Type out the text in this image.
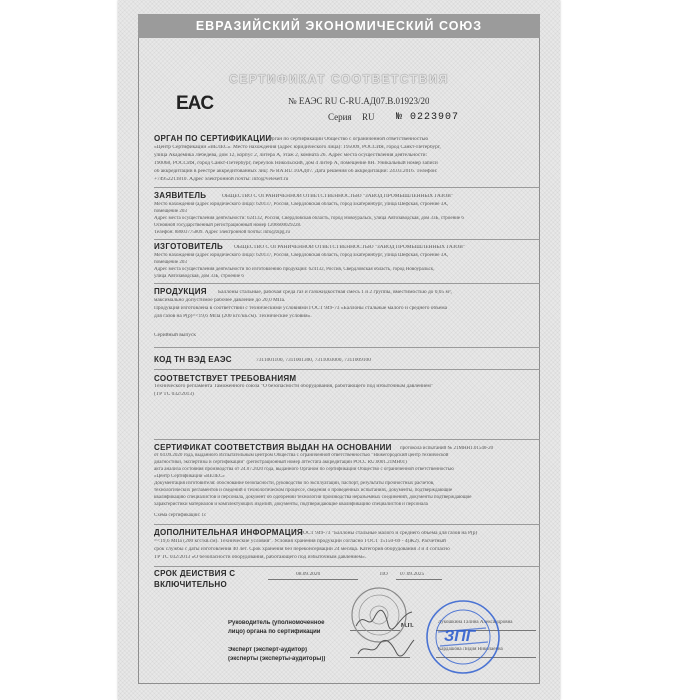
ЕВРАЗИЙСКИЙ ЭКОНОМИЧЕСКИЙ СОЮЗ
СЕРТИФИКАТ СООТВЕТСТВИЯ
EAC	№ ЕАЭС RU C-RU.АД07.В.01923/20
Серия RU № 0223907
ОРГАН ПО СЕРТИФИКАЦИИ
Орган по сертификации Общество с ограниченной ответственностью
«Центр Сертификации «ВЕЛЕС». Место нахождения (адрес юридического лица): 195009, РОССИЯ, город Санкт-Петербург,
улица Академика Лебедева, дом 12, корпус 2, литера А, этаж 2, комната 26. Адрес места осуществления деятельности:
190068, РОССИЯ, город Санкт-Петербург, переулок Никольский, дом 4 литер А, помещение 8Н. Уникальный номер записи
об аккредитации в реестре аккредитованных лиц: № RA.RU.10АД07. Дата решения об аккредитации: 24.03.2016. Телефон:
+74952211810. Адрес электронной почты: info@velesert.ru
ЗАЯВИТЕЛЬ	ОБЩЕСТВО С ОГРАНИЧЕННОЙ ОТВЕТСТВЕННОСТЬЮ "ЗАВОД ПРОМЫШЛЕННЫХ ГАЗОВ"
Место нахождения (адрес юридического лица): 620137, Россия, Свердловская область, город Екатеринбург, улица Шефская, строение 3А,
помещение 203
Адрес места осуществления деятельности: 624132, Россия, Свердловская область, город Новоуральск, улица Автозаводская, дом 33Б, строение 6
Основной государственный регистрационный номер 1206600029228.
Телефон: 88003775809. Адрес электронной почты: info@zipg.ru
ИЗГОТОВИТЕЛЬ ОБЩЕСТВО С ОГРАНИЧЕННОЙ ОТВЕТСТВЕННОСТЬЮ "ЗАВОД ПРОМЫШЛЕННЫХ ГАЗОВ"
Место нахождения (адрес юридического лица): 620137, Россия, Свердловская область, город Екатеринбург, улица Шефская, строение 3А,
помещение 203
Адрес места осуществления деятельности по изготовлению продукции: 624132, Россия, Свердловская область, город Новоуральск,
улица Автозаводская, дом 33Б, строение 6
ПРОДУКЦИЯ Баллоны стальные, рабочая среда газ и газожидкостная смесь 1 и 2 группы, вместимостью до 0,05 м³,
максимально допустимое рабочее давление до 20,0 МПа.
Продукция изготовлена в соответствии с техническими условиями ГОСТ 949-73 «Баллоны стальные малого и среднего объема
для газов на P(p)=<19,6 МПа (200 кгс/кв.см). Технические условия».
Серийный выпуск
КОД ТН ВЭД ЕАЭС	7311001100, 7311001300, 7311003000, 7311009100
СООТВЕТСТВУЕТ ТРЕБОВАНИЯМ
Технического регламента Таможенного союза "О безопасности оборудования, работающего под избыточным давлением"
(ТР ТС 032/2013)
СЕРТИФИКАТ СООТВЕТСТВИЯ ВЫДАН НА ОСНОВАНИИ протокола испытаний № 21МНН1.01540-20
от 04.09.2020 года, выданного Испытательным центром Общества с ограниченной ответственностью "Нижегородский центр технической
диагностики, экспертизы и сертификации" (регистрационный номер аттестата аккредитации РОСС RU.0001.21МН01)
акта анализа состояния производства от 24.07.2020 года, выданного Органом по сертификации Общество с ограниченной ответственностью
«Центр Сертификации «ВЕЛЕС»
Документация изготовителя: обоснование безопасности, руководство по эксплуатации, паспорт, результаты прочностных расчетов,
технологических регламентов и сведений о технологическом процессе, сведения о проведенных испытаниях, документы, подтверждающие
квалификацию специалистов и персонала, документ об одобрении технологии производства неразъемных соединений, документы подтверждающие
характеристики материалов и комплектующих изделий, документы, подтверждающие квалификацию специалистов и персонала
Схема сертификации: 1с
ДОПОЛНИТЕЛЬНАЯ ИНФОРМАЦИЯ
ГОСТ 949-73 "Баллоны стальные малого и среднего объема для газов на P(p)
=<19,6 МПа (200 кгс/кв.см). Технические условия". Условия хранения продукции согласно ГОСТ 15150-69 - 4(Ж2). Расчетный
срок службы с даты изготовления 40 лет. Срок хранения без переконсервации 24 месяца. Категория оборудования 3 и 4 согласно
ТР ТС 032/2013 «О безопасности оборудования, работающего под избыточным давлением».
СРОК ДЕЙСТВИЯ С
ВКЛЮЧИТЕЛЬНО
08.09.2020	ПО 07.09.2025
Руководитель (уполномоченное
лицо) органа по сертификации
М.П.
Лукошкина Галина Александровна
Эксперт (эксперт-аудитор)
(эксперты (эксперты-аудиторы))
Кардашова Лидия Николаевна
ЗПГ
